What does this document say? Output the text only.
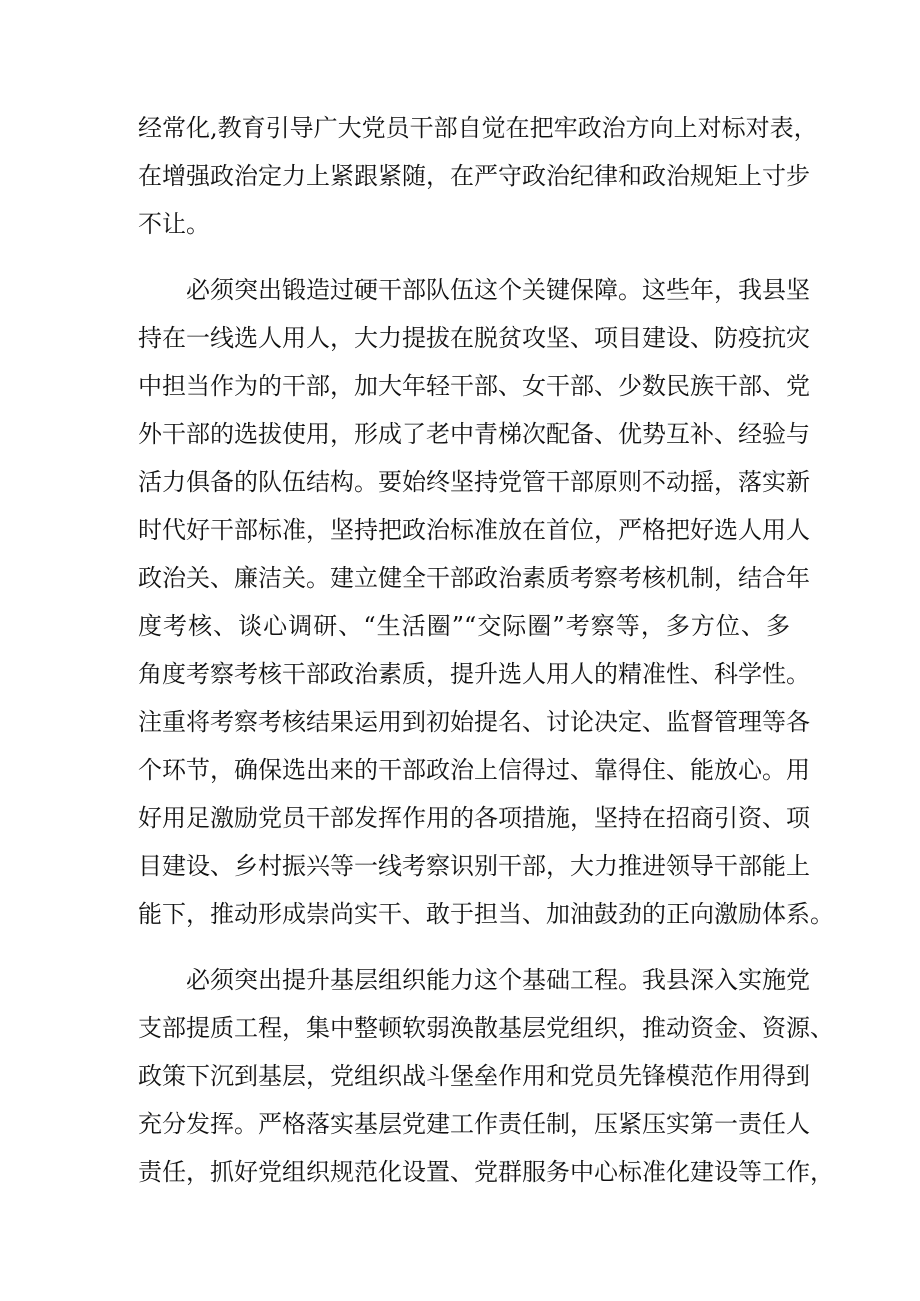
经常化,教育引导广大党员干部自觉在把牢政治方向上对标对表，
在增强政治定力上紧跟紧随，在严守政治纪律和政治规矩上寸步
不让。
　　必须突出锻造过硬干部队伍这个关键保障。这些年，我县坚
持在一线选人用人，大力提拔在脱贫攻坚、项目建设、防疫抗灾
中担当作为的干部，加大年轻干部、女干部、少数民族干部、党
外干部的选拔使用，形成了老中青梯次配备、优势互补、经验与
活力俱备的队伍结构。要始终坚持党管干部原则不动摇，落实新
时代好干部标准，坚持把政治标准放在首位，严格把好选人用人
政治关、廉洁关。建立健全干部政治素质考察考核机制，结合年
度考核、谈心调研、“生活圈”“交际圈”考察等，多方位、多
角度考察考核干部政治素质，提升选人用人的精准性、科学性。
注重将考察考核结果运用到初始提名、讨论决定、监督管理等各
个环节，确保选出来的干部政治上信得过、靠得住、能放心。用
好用足激励党员干部发挥作用的各项措施，坚持在招商引资、项
目建设、乡村振兴等一线考察识别干部，大力推进领导干部能上
能下，推动形成崇尚实干、敢于担当、加油鼓劲的正向激励体系。
　　必须突出提升基层组织能力这个基础工程。我县深入实施党
支部提质工程，集中整顿软弱涣散基层党组织，推动资金、资源、
政策下沉到基层，党组织战斗堡垒作用和党员先锋模范作用得到
充分发挥。严格落实基层党建工作责任制，压紧压实第一责任人
责任，抓好党组织规范化设置、党群服务中心标准化建设等工作，
